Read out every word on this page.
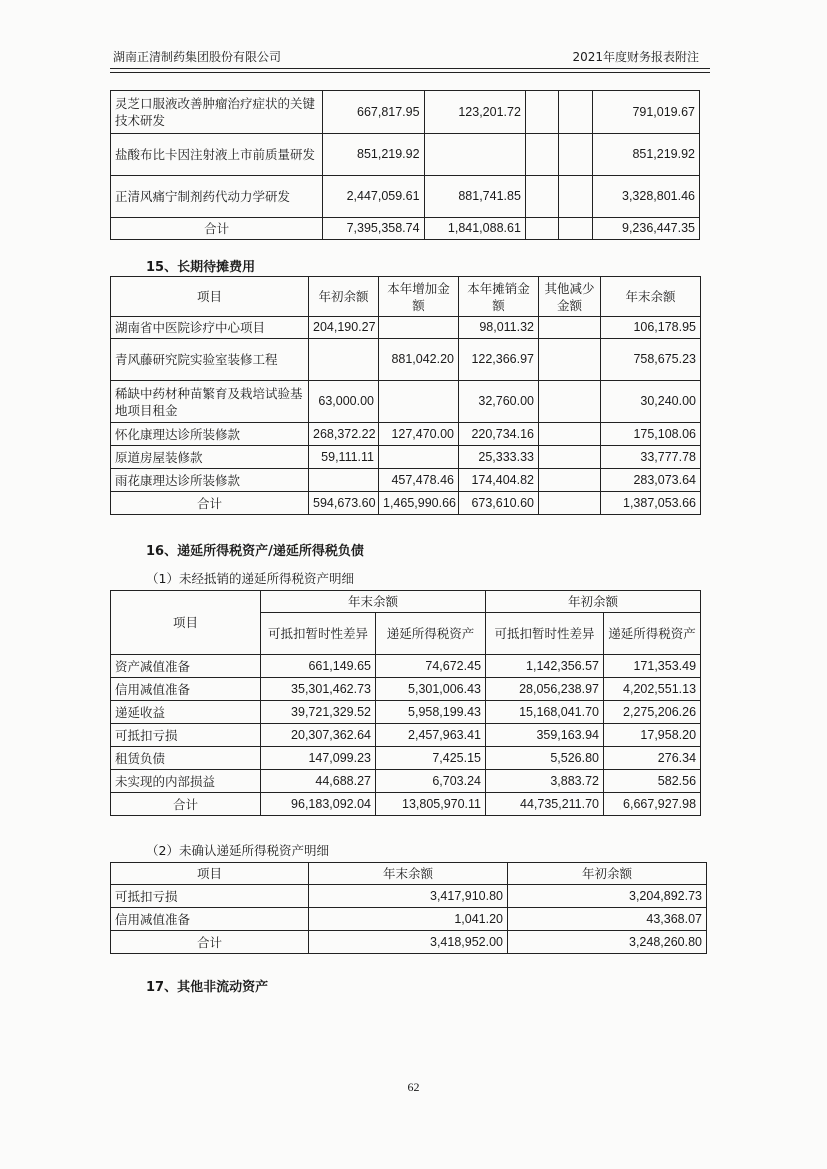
湖南正清制药集团股份有限公司	2021年度财务报表附注
灵芝口服液改善肿瘤治疗症状的关键技术研发	667,817.95	123,201.72			791,019.67
盐酸布比卡因注射液上市前质量研发	851,219.92				851,219.92
正清风痛宁制剂药代动力学研发	2,447,059.61	881,741.85			3,328,801.46
合计	7,395,358.74	1,841,088.61			9,236,447.35
15、长期待摊费用
项目	年初余额	本年增加金额	本年摊销金额	其他减少金额	年末余额
湖南省中医院诊疗中心项目	204,190.27		98,011.32		106,178.95
青风藤研究院实验室装修工程		881,042.20	122,366.97		758,675.23
稀缺中药材种苗繁育及栽培试验基地项目租金	63,000.00		32,760.00		30,240.00
怀化康理达诊所装修款	268,372.22	127,470.00	220,734.16		175,108.06
原道房屋装修款	59,111.11		25,333.33		33,777.78
雨花康理达诊所装修款		457,478.46	174,404.82		283,073.64
合计	594,673.60	1,465,990.66	673,610.60		1,387,053.66
16、递延所得税资产/递延所得税负债
（1）未经抵销的递延所得税资产明细
项目	年末余额		年初余额	
	可抵扣暂时性差异	递延所得税资产	可抵扣暂时性差异	递延所得税资产
资产减值准备	661,149.65	74,672.45	1,142,356.57	171,353.49
信用减值准备	35,301,462.73	5,301,006.43	28,056,238.97	4,202,551.13
递延收益	39,721,329.52	5,958,199.43	15,168,041.70	2,275,206.26
可抵扣亏损	20,307,362.64	2,457,963.41	359,163.94	17,958.20
租赁负债	147,099.23	7,425.15	5,526.80	276.34
未实现的内部损益	44,688.27	6,703.24	3,883.72	582.56
合计	96,183,092.04	13,805,970.11	44,735,211.70	6,667,927.98
（2）未确认递延所得税资产明细
项目	年末余额	年初余额
可抵扣亏损	3,417,910.80	3,204,892.73
信用减值准备	1,041.20	43,368.07
合计	3,418,952.00	3,248,260.80
17、其他非流动资产
62
